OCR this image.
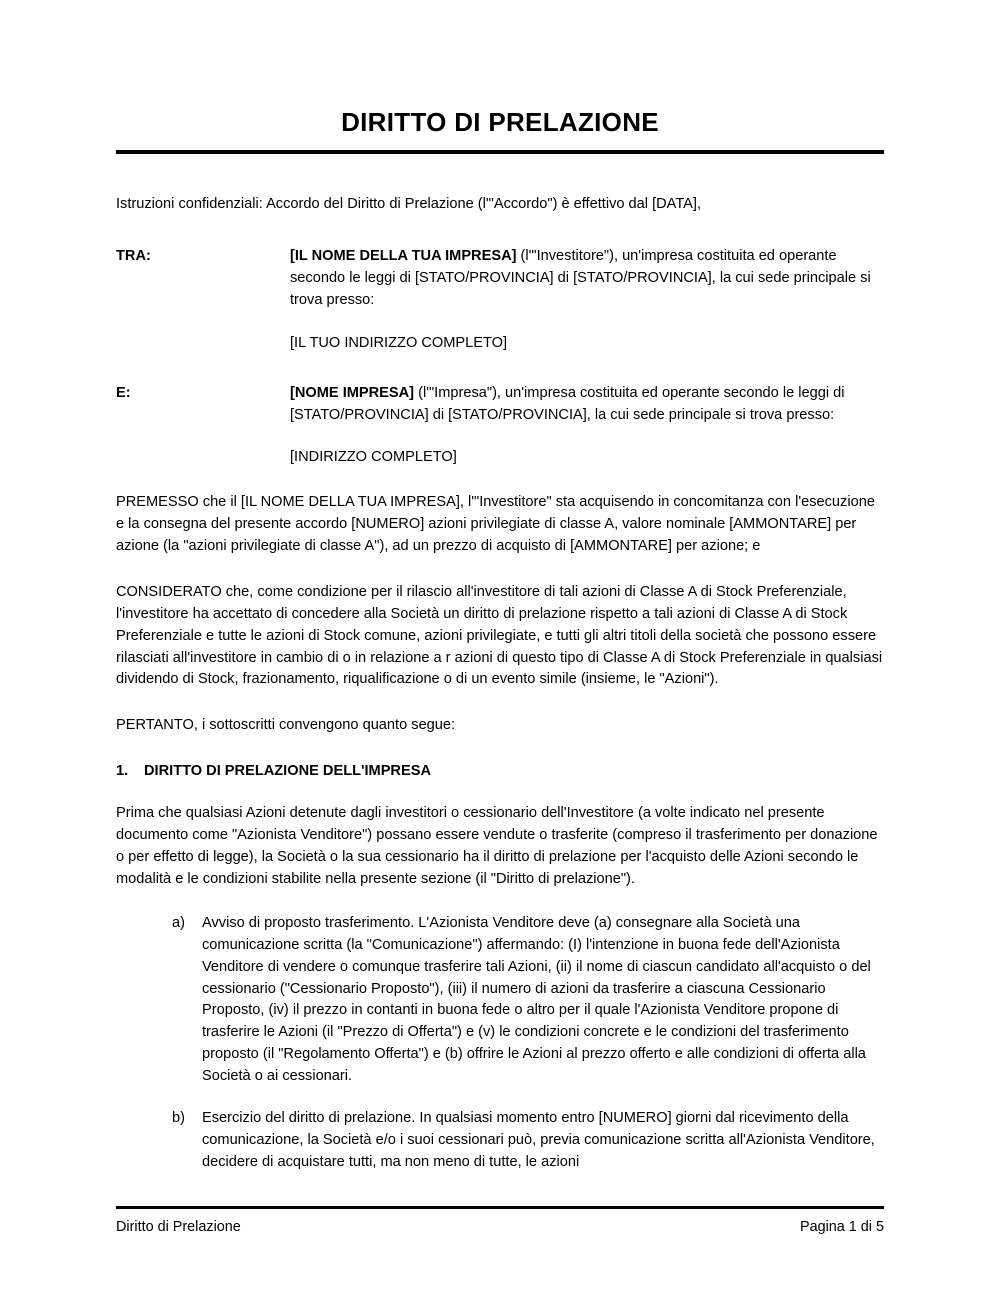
DIRITTO DI PRELAZIONE

Istruzioni confidenziali: Accordo del Diritto di Prelazione (l'"Accordo") è effettivo dal [DATA],

TRA:	[IL NOME DELLA TUA IMPRESA] (l'"Investitore"), un'impresa costituita ed operante secondo le leggi di [STATO/PROVINCIA] di [STATO/PROVINCIA], la cui sede principale si trova presso:
[IL TUO INDIRIZZO COMPLETO]
E:	[NOME IMPRESA] (l'"Impresa"), un'impresa costituita ed operante secondo le leggi di [STATO/PROVINCIA] di [STATO/PROVINCIA], la cui sede principale si trova presso:
[INDIRIZZO COMPLETO]

PREMESSO che il [IL NOME DELLA TUA IMPRESA], l'"Investitore" sta acquisendo in concomitanza con l'esecuzione e la consegna del presente accordo [NUMERO] azioni privilegiate di classe A, valore nominale [AMMONTARE] per azione (la "azioni privilegiate di classe A"), ad un prezzo di acquisto di [AMMONTARE] per azione; e

CONSIDERATO che, come condizione per il rilascio all'investitore di tali azioni di Classe A di Stock Preferenziale, l'investitore ha accettato di concedere alla Società un diritto di prelazione rispetto a tali azioni di Classe A di Stock Preferenziale e tutte le azioni di Stock comune, azioni privilegiate, e tutti gli altri titoli della società che possono essere rilasciati all'investitore in cambio di o in relazione a r azioni di questo tipo di Classe A di Stock Preferenziale in qualsiasi dividendo di Stock, frazionamento, riqualificazione o di un evento simile (insieme, le "Azioni").

PERTANTO, i sottoscritti convengono quanto segue:

1.	DIRITTO DI PRELAZIONE DELL'IMPRESA

Prima che qualsiasi Azioni detenute dagli investitori o cessionario dell'Investitore (a volte indicato nel presente documento come "Azionista Venditore") possano essere vendute o trasferite (compreso il trasferimento per donazione o per effetto di legge), la Società o la sua cessionario ha il diritto di prelazione per l'acquisto delle Azioni secondo le modalità e le condizioni stabilite nella presente sezione (il "Diritto di prelazione").

a)	Avviso di proposto trasferimento. L'Azionista Venditore deve (a) consegnare alla Società una comunicazione scritta (la "Comunicazione") affermando: (I) l'intenzione in buona fede dell'Azionista Venditore di vendere o comunque trasferire tali Azioni, (ii) il nome di ciascun candidato all'acquisto o del cessionario ("Cessionario Proposto"), (iii) il numero di azioni da trasferire a ciascuna Cessionario Proposto, (iv) il prezzo in contanti in buona fede o altro per il quale l'Azionista Venditore propone di trasferire le Azioni (il "Prezzo di Offerta") e (v) le condizioni concrete e le condizioni del trasferimento proposto (il "Regolamento Offerta") e (b) offrire le Azioni al prezzo offerto e alle condizioni di offerta alla Società o ai cessionari.
b)	Esercizio del diritto di prelazione. In qualsiasi momento entro [NUMERO] giorni dal ricevimento della comunicazione, la Società e/o i suoi cessionari può, previa comunicazione scritta all'Azionista Venditore, decidere di acquistare tutti, ma non meno di tutte, le azioni
Diritto di Prelazione	Pagina 1 di 5
